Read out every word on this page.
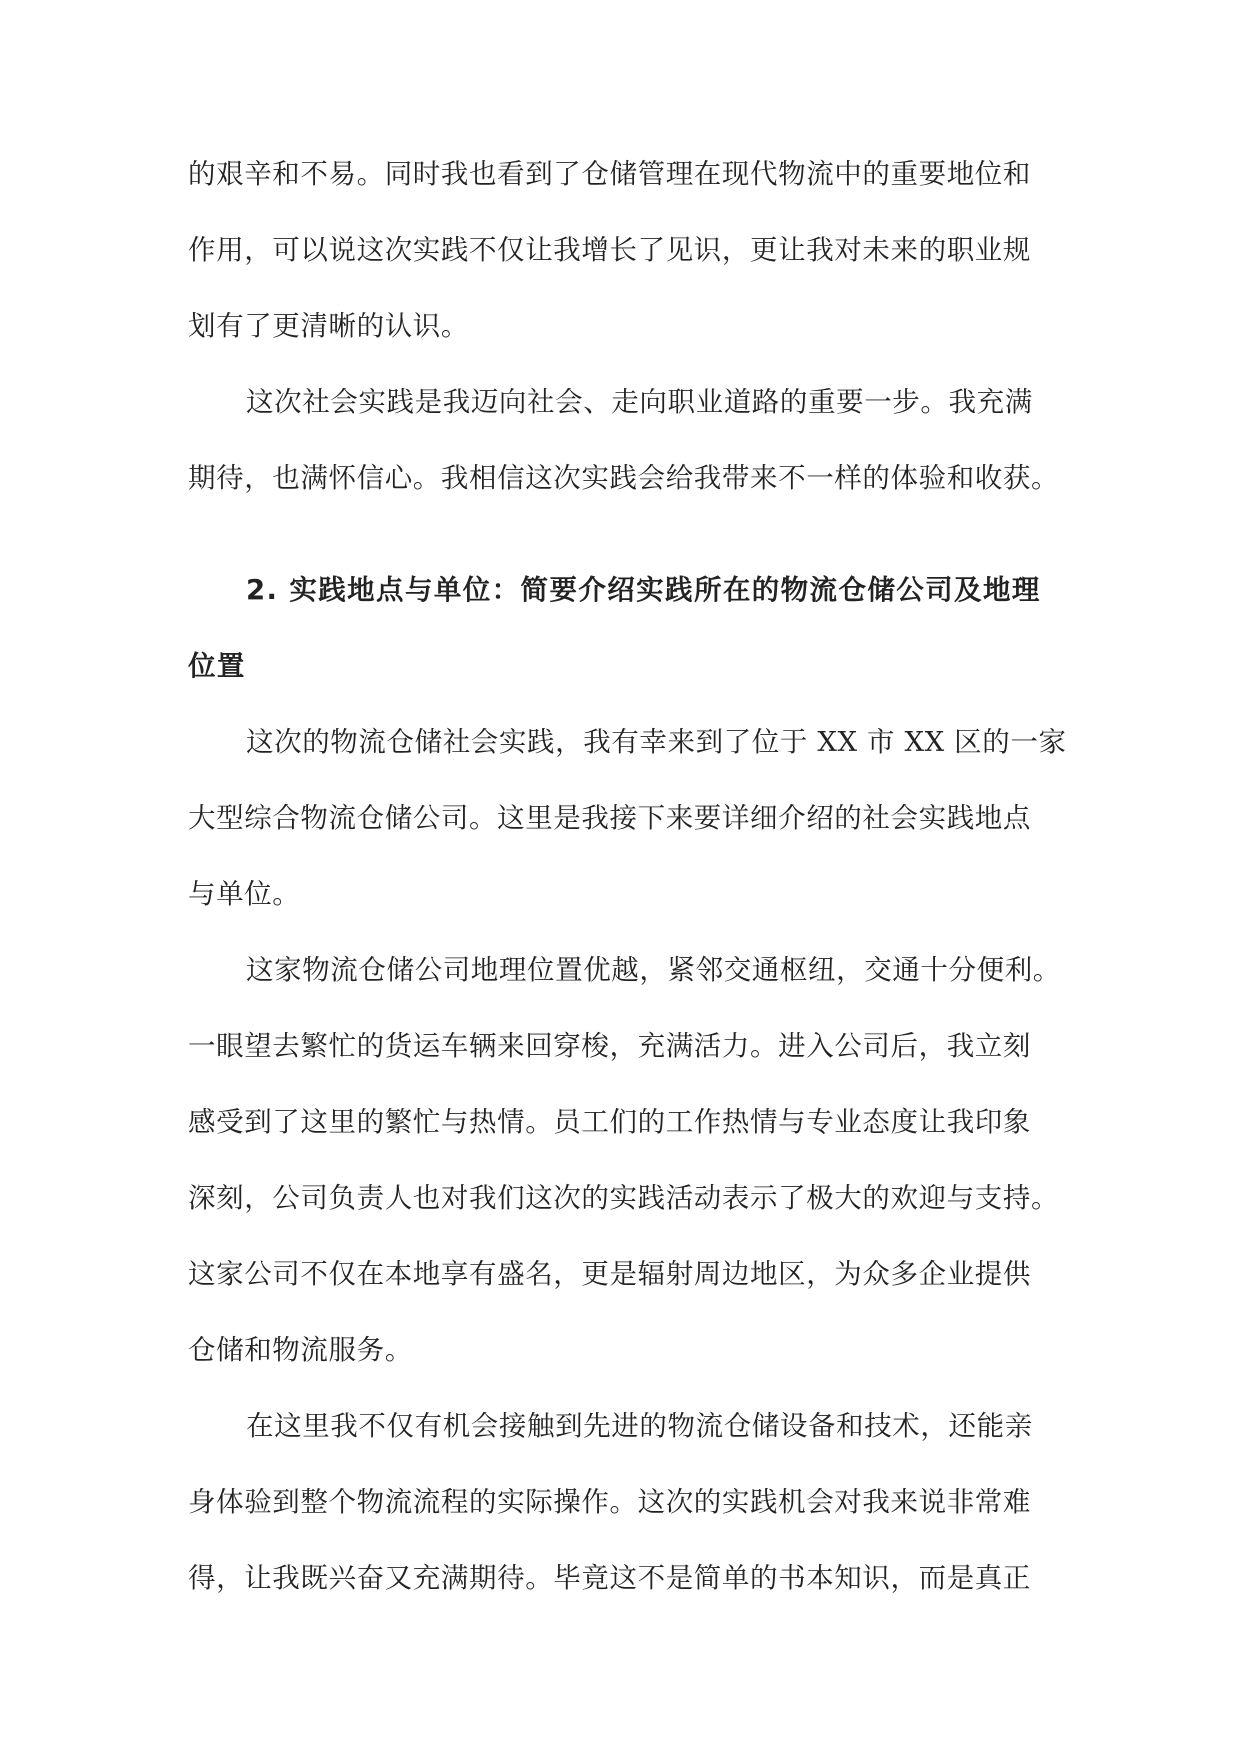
的艰辛和不易。同时我也看到了仓储管理在现代物流中的重要地位和
作用，可以说这次实践不仅让我增长了见识，更让我对未来的职业规
划有了更清晰的认识。
这次社会实践是我迈向社会、走向职业道路的重要一步。我充满
期待，也满怀信心。我相信这次实践会给我带来不一样的体验和收获。
2. 实践地点与单位：简要介绍实践所在的物流仓储公司及地理
位置
这次的物流仓储社会实践，我有幸来到了位于 XX 市 XX 区的一家
大型综合物流仓储公司。这里是我接下来要详细介绍的社会实践地点
与单位。
这家物流仓储公司地理位置优越，紧邻交通枢纽，交通十分便利。
一眼望去繁忙的货运车辆来回穿梭，充满活力。进入公司后，我立刻
感受到了这里的繁忙与热情。员工们的工作热情与专业态度让我印象
深刻，公司负责人也对我们这次的实践活动表示了极大的欢迎与支持。
这家公司不仅在本地享有盛名，更是辐射周边地区，为众多企业提供
仓储和物流服务。
在这里我不仅有机会接触到先进的物流仓储设备和技术，还能亲
身体验到整个物流流程的实际操作。这次的实践机会对我来说非常难
得，让我既兴奋又充满期待。毕竟这不是简单的书本知识，而是真正
